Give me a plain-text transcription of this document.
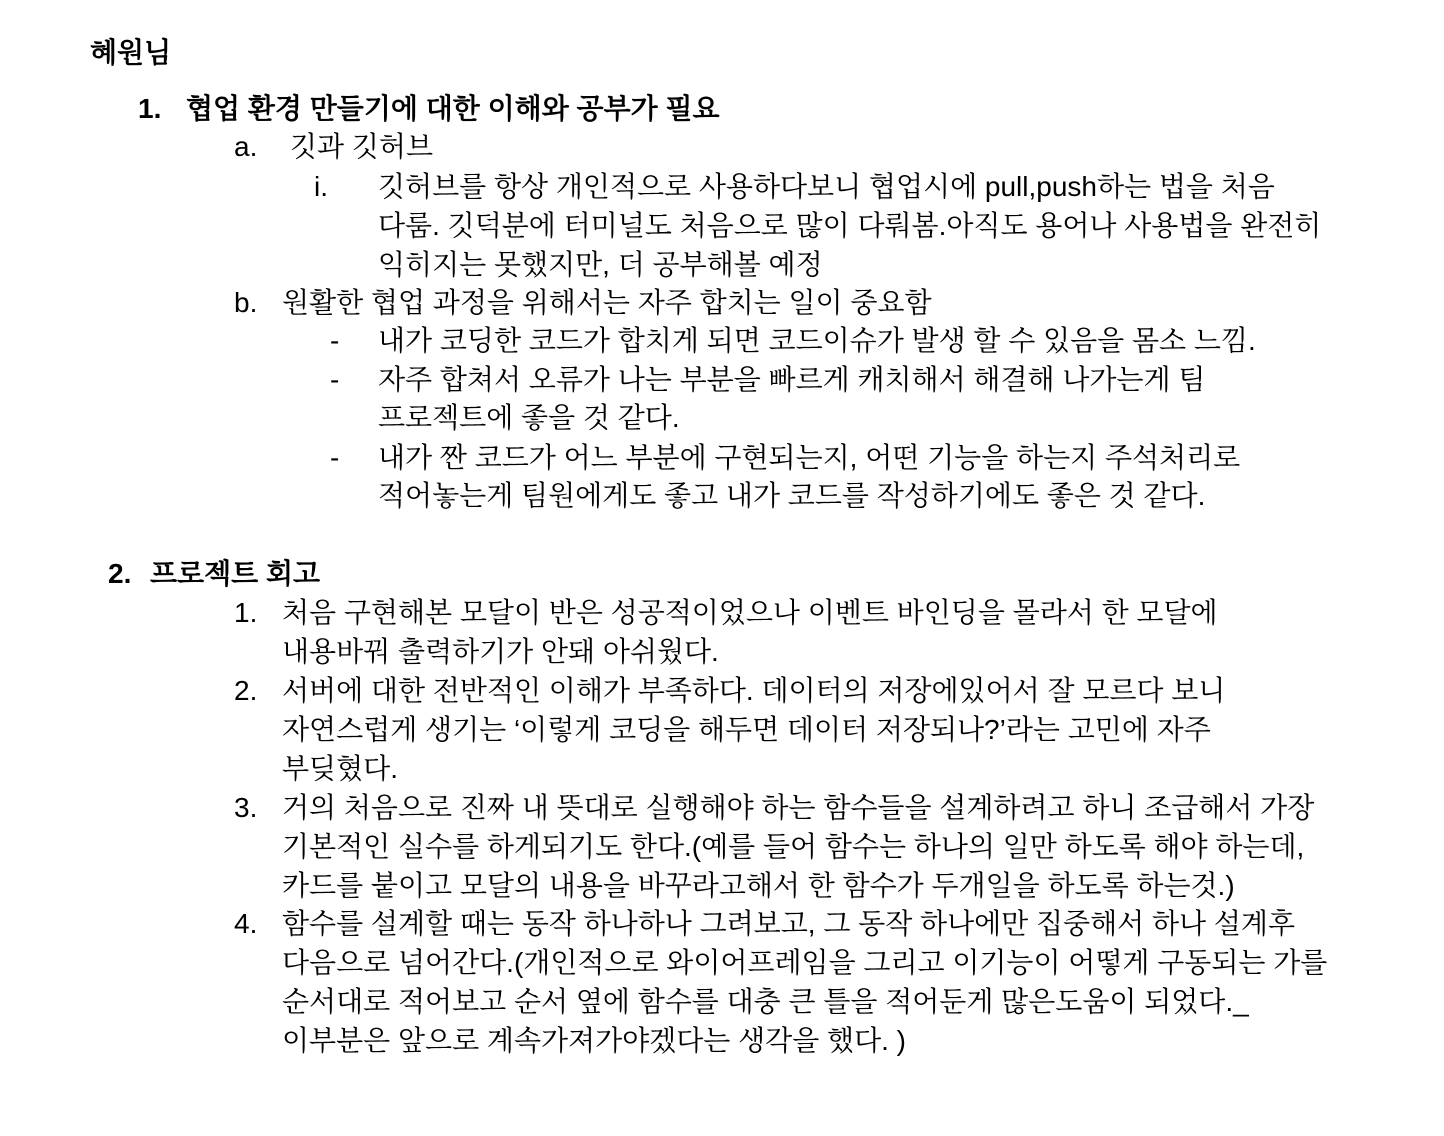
혜원님
1. 협업 환경 만들기에 대한 이해와 공부가 필요
a. 깃과 깃허브
i. 깃허브를 항상 개인적으로 사용하다보니 협업시에 pull,push하는 법을 처음
다룸. 깃덕분에 터미널도 처음으로 많이 다뤄봄.아직도 용어나 사용법을 완전히
익히지는 못했지만, 더 공부해볼 예정
b. 원활한 협업 과정을 위해서는 자주 합치는 일이 중요함
- 내가 코딩한 코드가 합치게 되면 코드이슈가 발생 할 수 있음을 몸소 느낌.
- 자주 합쳐서 오류가 나는 부분을 빠르게 캐치해서 해결해 나가는게 팀
프로젝트에 좋을 것 같다.
- 내가 짠 코드가 어느 부분에 구현되는지, 어떤 기능을 하는지 주석처리로
적어놓는게 팀원에게도 좋고 내가 코드를 작성하기에도 좋은 것 같다.
2. 프로젝트 회고
1. 처음 구현해본 모달이 반은 성공적이었으나 이벤트 바인딩을 몰라서 한 모달에
내용바꿔 출력하기가 안돼 아쉬웠다.
2. 서버에 대한 전반적인 이해가 부족하다. 데이터의 저장에있어서 잘 모르다 보니
자연스럽게 생기는 ‘이렇게 코딩을 해두면 데이터 저장되나?’라는 고민에 자주
부딪혔다.
3. 거의 처음으로 진짜 내 뜻대로 실행해야 하는 함수들을 설계하려고 하니 조급해서 가장
기본적인 실수를 하게되기도 한다.(예를 들어 함수는 하나의 일만 하도록 해야 하는데,
카드를 붙이고 모달의 내용을 바꾸라고해서 한 함수가 두개일을 하도록 하는것.)
4. 함수를 설계할 때는 동작 하나하나 그려보고, 그 동작 하나에만 집중해서 하나 설계후
다음으로 넘어간다.(개인적으로 와이어프레임을 그리고 이기능이 어떻게 구동되는 가를
순서대로 적어보고 순서 옆에 함수를 대충 큰 틀을 적어둔게 많은도움이 되었다._
이부분은 앞으로 계속가져가야겠다는 생각을 했다. )
